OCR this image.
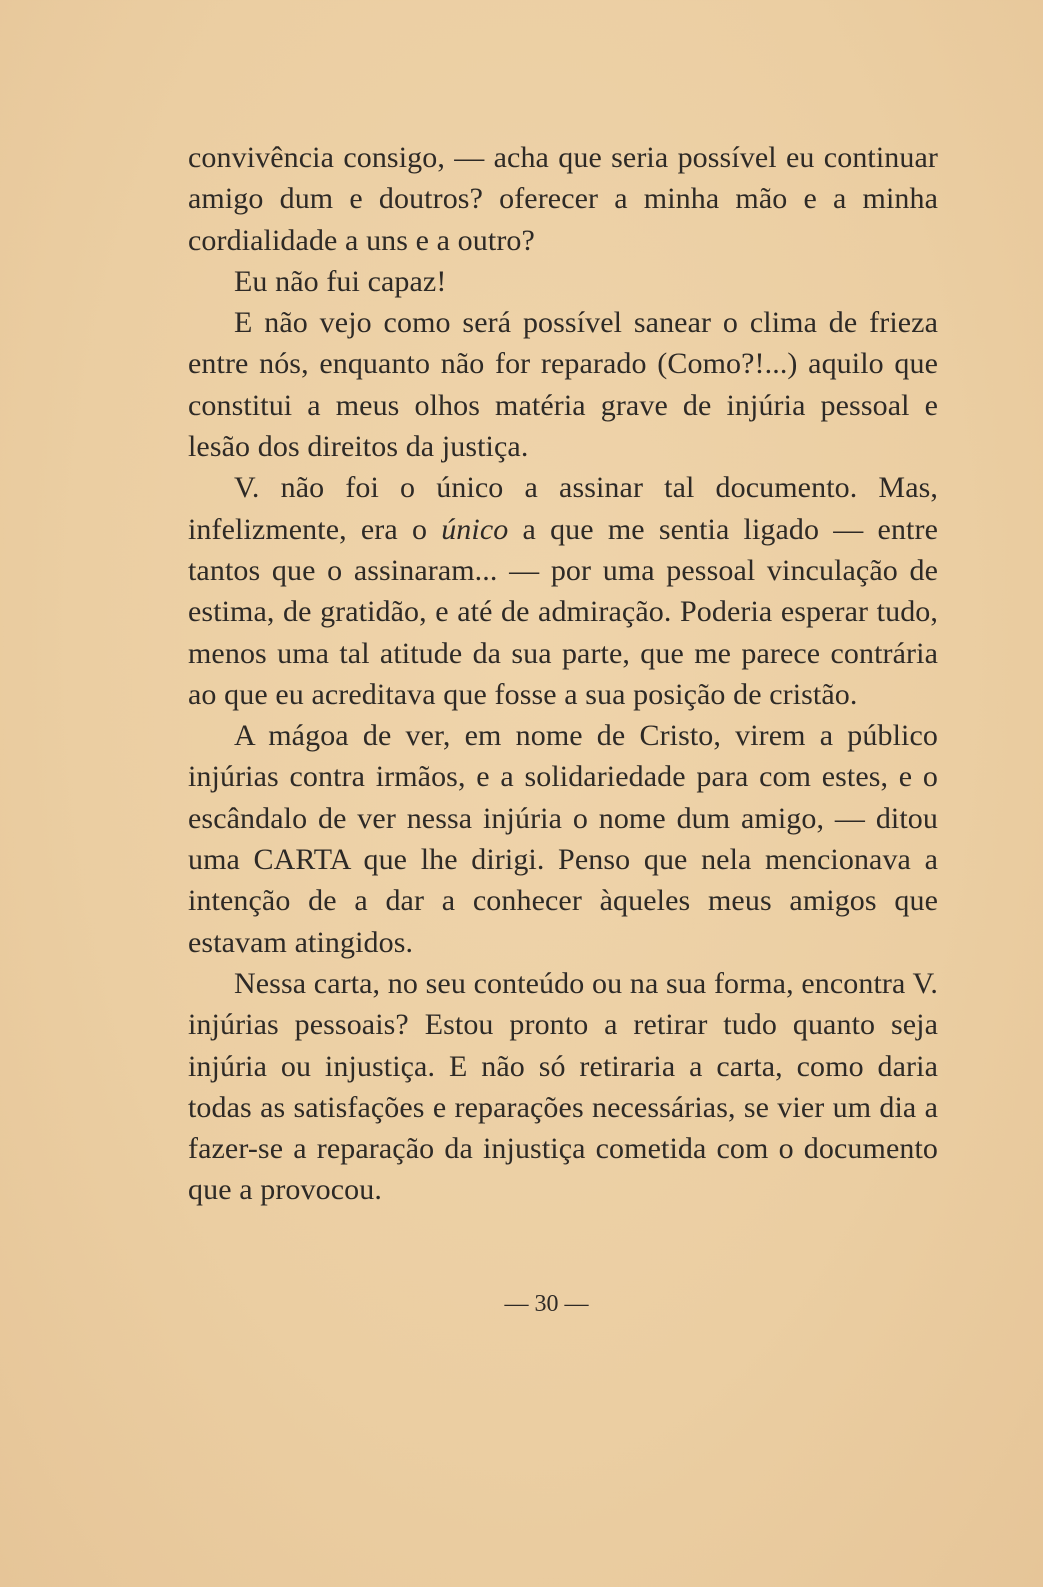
convivência consigo, — acha que seria possível eu continuar amigo dum e doutros? oferecer a minha mão e a minha cordialidade a uns e a outro?

Eu não fui capaz!

E não vejo como será possível sanear o clima de frieza entre nós, enquanto não for reparado (Como?!...) aquilo que constitui a meus olhos matéria grave de injúria pessoal e lesão dos direitos da justiça.

V. não foi o único a assinar tal documento. Mas, infelizmente, era o único a que me sentia ligado — entre tantos que o assinaram... — por uma pessoal vinculação de estima, de gratidão, e até de admiração. Poderia esperar tudo, menos uma tal atitude da sua parte, que me parece contrária ao que eu acreditava que fosse a sua posição de cristão.

A mágoa de ver, em nome de Cristo, virem a público injúrias contra irmãos, e a solidariedade para com estes, e o escândalo de ver nessa injúria o nome dum amigo, — ditou uma CARTA que lhe dirigi. Penso que nela mencionava a intenção de a dar a conhecer àqueles meus amigos que estavam atingidos.

Nessa carta, no seu conteúdo ou na sua forma, encontra V. injúrias pessoais? Estou pronto a retirar tudo quanto seja injúria ou injustiça. E não só retiraria a carta, como daria todas as satisfações e reparações necessárias, se vier um dia a fazer-se a reparação da injustiça cometida com o documento que a provocou.

— 30 —
